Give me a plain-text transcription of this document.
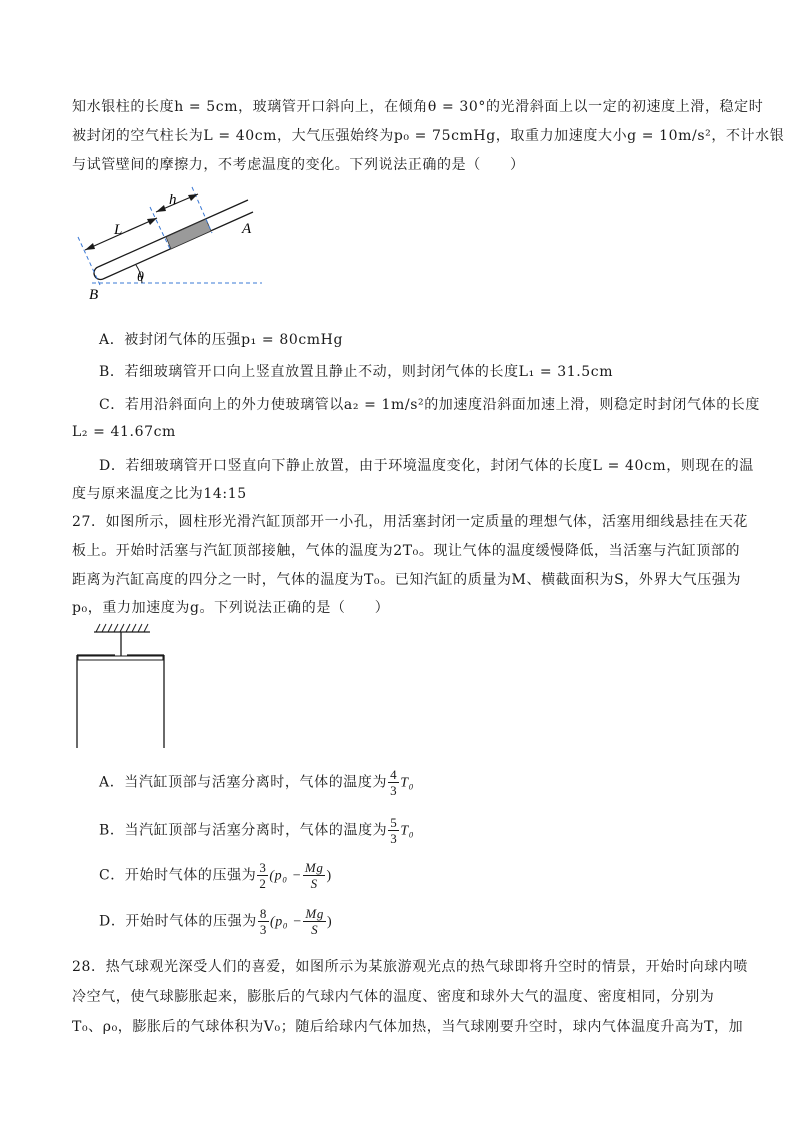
知水银柱的长度h = 5cm，玻璃管开口斜向上，在倾角θ = 30°的光滑斜面上以一定的初速度上滑，稳定时
被封闭的空气柱长为L = 40cm，大气压强始终为p₀ = 75cmHg，取重力加速度大小g = 10m/s²，不计水银
与试管壁间的摩擦力，不考虑温度的变化。下列说法正确的是（　　）
L
h
A
B
θ
A．被封闭气体的压强p₁ = 80cmHg
B．若细玻璃管开口向上竖直放置且静止不动，则封闭气体的长度L₁ = 31.5cm
C．若用沿斜面向上的外力使玻璃管以a₂ = 1m/s²的加速度沿斜面加速上滑，则稳定时封闭气体的长度
L₂ = 41.67cm
D．若细玻璃管开口竖直向下静止放置，由于环境温度变化，封闭气体的长度L = 40cm，则现在的温
度与原来温度之比为14:15
27．如图所示，圆柱形光滑汽缸顶部开一小孔，用活塞封闭一定质量的理想气体，活塞用细线悬挂在天花
板上。开始时活塞与汽缸顶部接触，气体的温度为2T₀。现让气体的温度缓慢降低，当活塞与汽缸顶部的
距离为汽缸高度的四分之一时，气体的温度为T₀。已知汽缸的质量为M、横截面积为S，外界大气压强为
p₀，重力加速度为g。下列说法正确的是（　　）
A．当汽缸顶部与活塞分离时，气体的温度为 $\frac{4}{3} T_0$
B．当汽缸顶部与活塞分离时，气体的温度为 $\frac{5}{3} T_0$
C．开始时气体的压强为 $\frac{3}{2} (p_0 - \frac{Mg}{S}$ )
D．开始时气体的压强为 $\frac{8}{3} (p_0 - \frac{Mg}{S}$ )
28．热气球观光深受人们的喜爱，如图所示为某旅游观光点的热气球即将升空时的情景，开始时向球内喷
冷空气，使气球膨胀起来，膨胀后的气球内气体的温度、密度和球外大气的温度、密度相同，分别为
T₀、ρ₀，膨胀后的气球体积为V₀；随后给球内气体加热，当气球刚要升空时，球内气体温度升高为T，加
